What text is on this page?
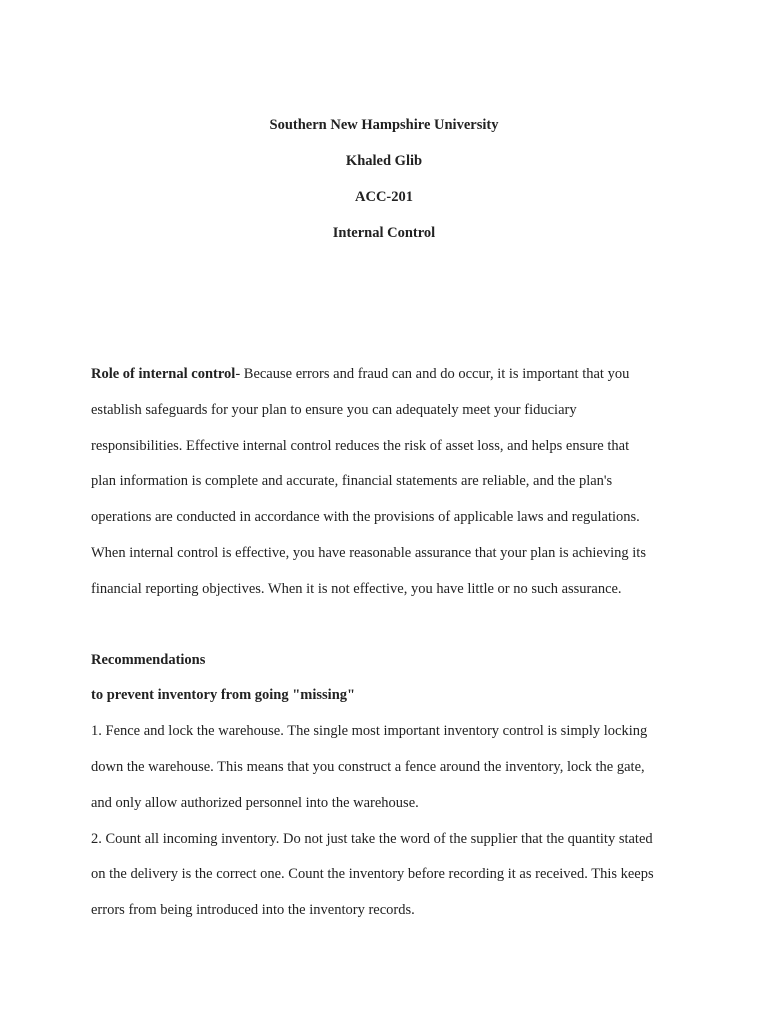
Southern New Hampshire University
Khaled Glib
ACC-201
Internal Control
Role of internal control- Because errors and fraud can and do occur, it is important that you
establish safeguards for your plan to ensure you can adequately meet your fiduciary
responsibilities. Effective internal control reduces the risk of asset loss, and helps ensure that
plan information is complete and accurate, financial statements are reliable, and the plan's
operations are conducted in accordance with the provisions of applicable laws and regulations.
When internal control is effective, you have reasonable assurance that your plan is achieving its
financial reporting objectives. When it is not effective, you have little or no such assurance.
Recommendations
to prevent inventory from going "missing"
1. Fence and lock the warehouse. The single most important inventory control is simply locking
down the warehouse. This means that you construct a fence around the inventory, lock the gate,
and only allow authorized personnel into the warehouse.
2. Count all incoming inventory. Do not just take the word of the supplier that the quantity stated
on the delivery is the correct one. Count the inventory before recording it as received. This keeps
errors from being introduced into the inventory records.
